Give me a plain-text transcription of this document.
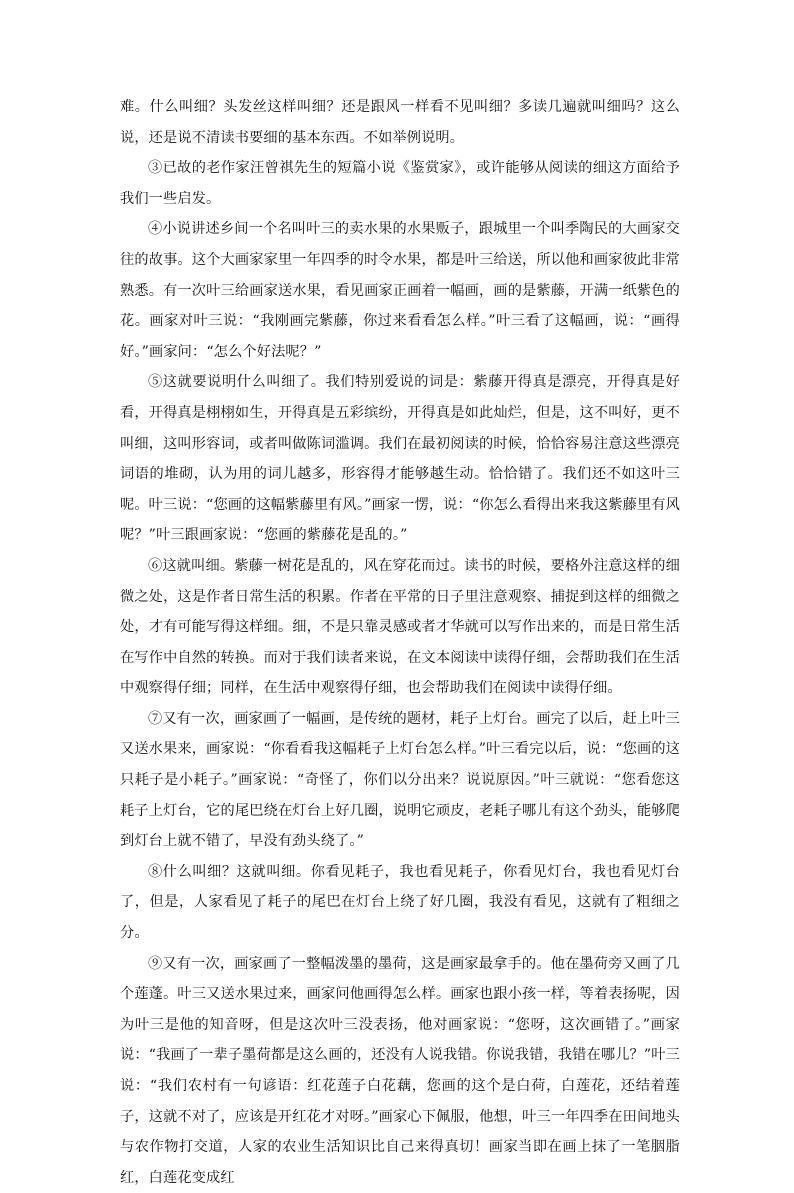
难。什么叫细？头发丝这样叫细？还是跟风一样看不见叫细？多读几遍就叫细吗？这么说，还是说不清读书要细的基本东西。不如举例说明。

③已故的老作家汪曾祺先生的短篇小说《鉴赏家》，或许能够从阅读的细这方面给予我们一些启发。

④小说讲述乡间一个名叫叶三的卖水果的水果贩子，跟城里一个叫季陶民的大画家交往的故事。这个大画家家里一年四季的时令水果，都是叶三给送，所以他和画家彼此非常熟悉。有一次叶三给画家送水果，看见画家正画着一幅画，画的是紫藤，开满一纸紫色的花。画家对叶三说：“我刚画完紫藤，你过来看看怎么样。”叶三看了这幅画，说：“画得好。”画家问：“怎么个好法呢？”

⑤这就要说明什么叫细了。我们特别爱说的词是：紫藤开得真是漂亮，开得真是好看，开得真是栩栩如生，开得真是五彩缤纷，开得真是如此灿烂，但是，这不叫好，更不叫细，这叫形容词，或者叫做陈词滥调。我们在最初阅读的时候，恰恰容易注意这些漂亮词语的堆砌，认为用的词儿越多，形容得才能够越生动。恰恰错了。我们还不如这叶三呢。叶三说：“您画的这幅紫藤里有风。”画家一愣，说：“你怎么看得出来我这紫藤里有风呢？”叶三跟画家说：“您画的紫藤花是乱的。”

⑥这就叫细。紫藤一树花是乱的，风在穿花而过。读书的时候，要格外注意这样的细微之处，这是作者日常生活的积累。作者在平常的日子里注意观察、捕捉到这样的细微之处，才有可能写得这样细。细，不是只靠灵感或者才华就可以写作出来的，而是日常生活在写作中自然的转换。而对于我们读者来说，在文本阅读中读得仔细，会帮助我们在生活中观察得仔细；同样，在生活中观察得仔细，也会帮助我们在阅读中读得仔细。

⑦又有一次，画家画了一幅画，是传统的题材，耗子上灯台。画完了以后，赶上叶三又送水果来，画家说：“你看看我这幅耗子上灯台怎么样。”叶三看完以后，说：“您画的这只耗子是小耗子。”画家说：“奇怪了，你们以分出来？说说原因。”叶三就说：“您看您这耗子上灯台，它的尾巴绕在灯台上好几圈，说明它顽皮，老耗子哪儿有这个劲头，能够爬到灯台上就不错了，早没有劲头绕了。”

⑧什么叫细？这就叫细。你看见耗子，我也看见耗子，你看见灯台，我也看见灯台了，但是，人家看见了耗子的尾巴在灯台上绕了好几圈，我没有看见，这就有了粗细之分。

⑨又有一次，画家画了一整幅泼墨的墨荷，这是画家最拿手的。他在墨荷旁又画了几个莲蓬。叶三又送水果过来，画家问他画得怎么样。画家也跟小孩一样，等着表扬呢，因为叶三是他的知音呀，但是这次叶三没表扬，他对画家说：“您呀，这次画错了。”画家说：“我画了一辈子墨荷都是这么画的，还没有人说我错。你说我错，我错在哪儿？”叶三说：“我们农村有一句谚语：红花莲子白花藕，您画的这个是白荷，白莲花，还结着莲子，这就不对了，应该是开红花才对呀。”画家心下佩服，他想，叶三一年四季在田间地头与农作物打交道，人家的农业生活知识比自己来得真切！画家当即在画上抹了一笔胭脂红，白莲花变成红
